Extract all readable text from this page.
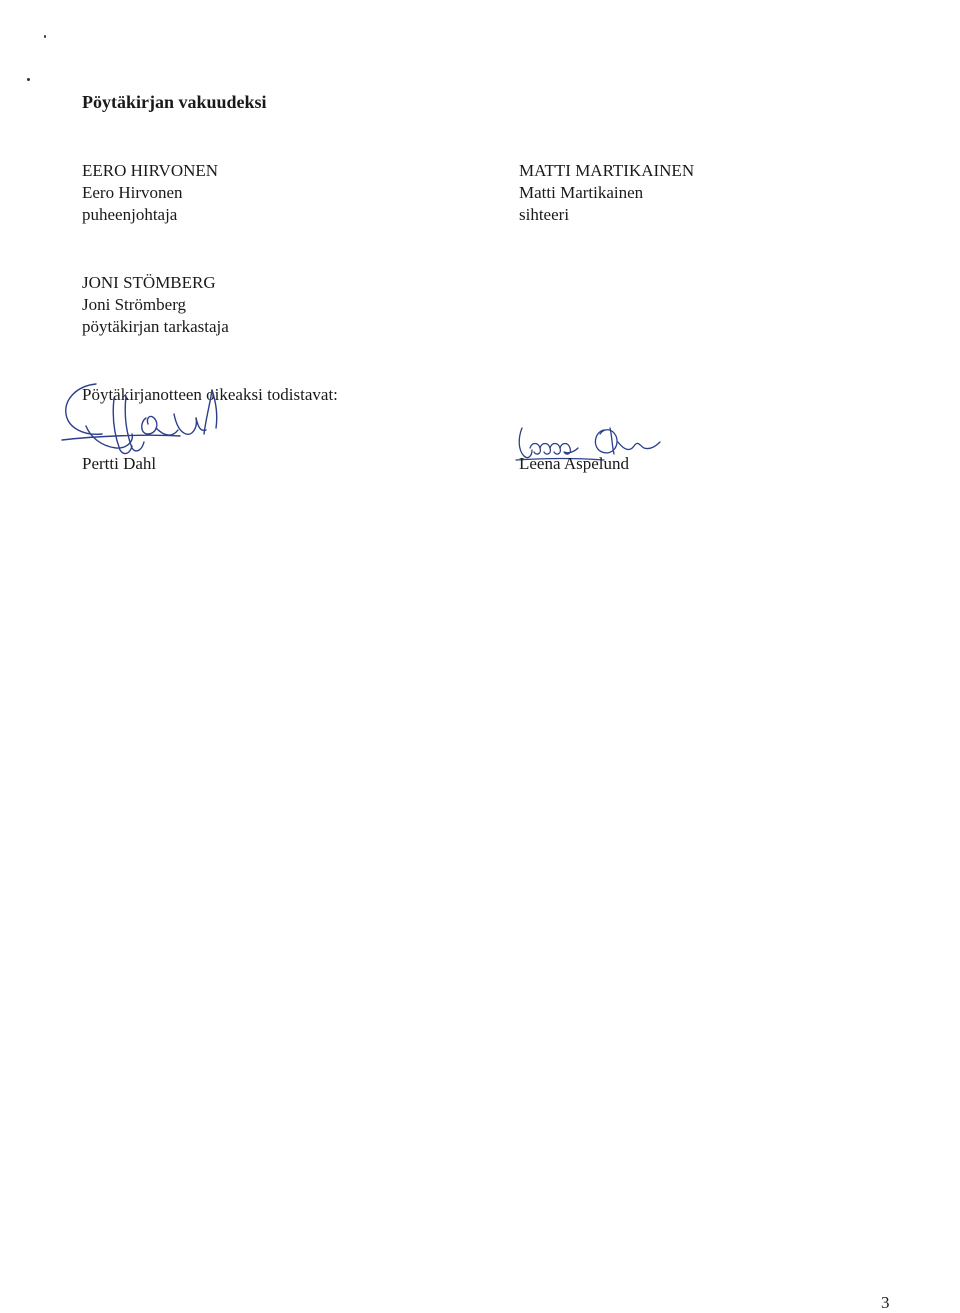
Pöytäkirjan vakuudeksi
EERO HIRVONEN
Eero Hirvonen
puheenjohtaja
MATTI MARTIKAINEN
Matti Martikainen
sihteeri
JONI STÖMBERG
Joni Strömberg
pöytäkirjan tarkastaja
Pöytäkirjanotteen oikeaksi todistavat:
Pertti Dahl	Leena Aspelund
3
